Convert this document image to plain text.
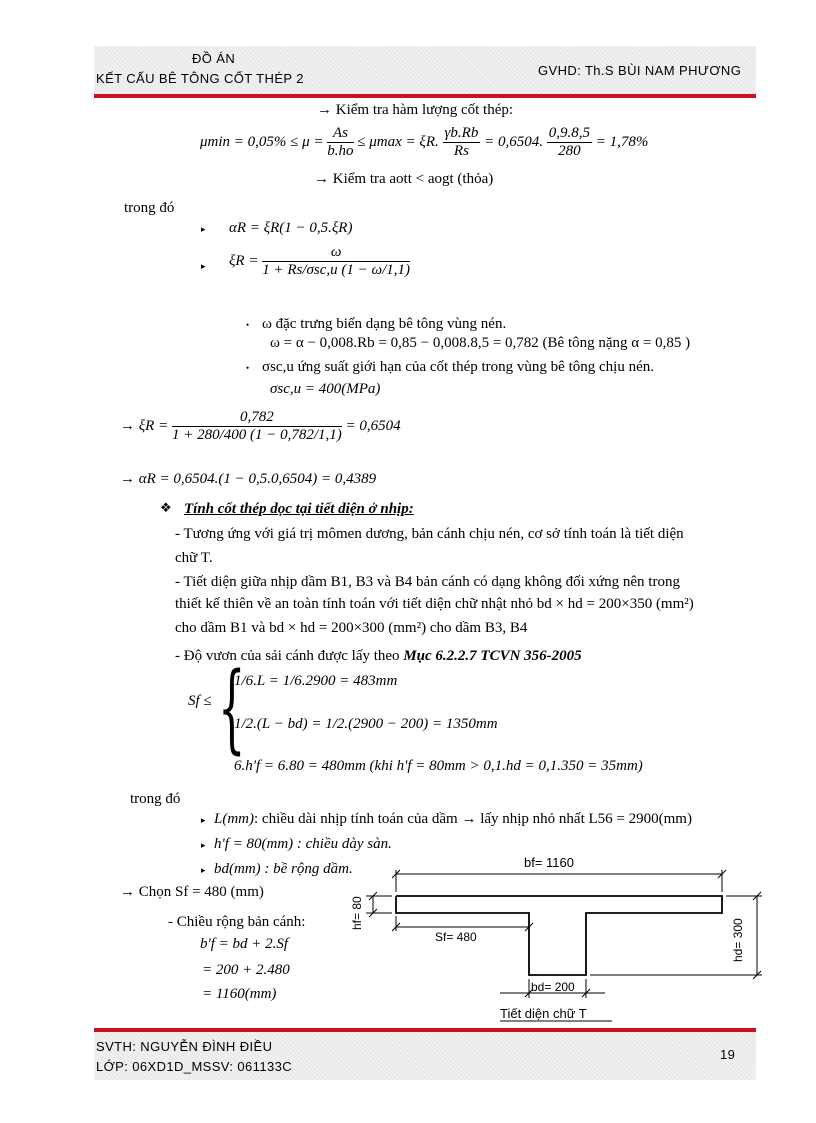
ĐỒ ÁN
KẾT CẤU BÊ TÔNG CỐT THÉP 2
GVHD: Th.S BÙI NAM PHƯƠNG
→ Kiểm tra hàm lượng cốt thép:
$\mu\min = 0,05\% \le \mu = \frac{As}{b.ho} \le \mu\max = \xi R$. $\frac{\gamma b.Rb}{Rs} = 0,6504$. $\frac{0,9.8,5}{280} = 1,78\%$
→ Kiểm tra aott < aogt (thỏa)
trong đó
▸ αR = ξR(1 − 0,5.ξR)
▸ $\xi R = \frac{\omega}{\text{1 + Rs/σsc,u (1 − ω/1,1)}}$
• ω đặc trưng biến dạng bê tông vùng nén.
ω = α − 0,008.Rb = 0,85 − 0,008.8,5 = 0,782 (Bê tông nặng α = 0,85 )
• σsc,u ứng suất giới hạn của cốt thép trong vùng bê tông chịu nén.
σsc,u = 400(MPa)
→ $\xi R = \frac{0,782}{1 + 280/400 (1 - 0,782/1,1)} = 0,6504$
→ αR = 0,6504.(1 − 0,5.0,6504) = 0,4389
❖ Tính cốt thép dọc tại tiết diện ở nhịp:
- Tương ứng với giá trị mômen dương, bản cánh chịu nén, cơ sở tính toán là tiết diện
chữ T.
- Tiết diện giữa nhịp dầm B1, B3 và B4 bản cánh có dạng không đối xứng nên trong
thiết kế thiên về an toàn tính toán với tiết diện chữ nhật nhỏ bd × hd = 200×350 (mm²)
cho dầm B1 và bd × hd = 200×300 (mm²) cho dầm B3, B4
- Độ vươn của sải cánh được lấy theo Mục 6.2.2.7 TCVN 356-2005
Sf ≤ {
1/6.L = 1/6.2900 = 483mm
1/2.(L − bd) = 1/2.(2900 − 200) = 1350mm
6.h'f = 6.80 = 480mm (khi h'f = 80mm > 0,1.hd = 0,1.350 = 35mm)
trong đó
▸ L(mm): chiều dài nhịp tính toán của dầm → lấy nhịp nhỏ nhất L56 = 2900(mm)
▸ h'f = 80(mm) : chiều dày sàn.
▸ bd(mm) : bề rộng dầm.
→ Chọn Sf = 480 (mm)
- Chiều rộng bản cánh:
b'f = bd + 2.Sf
= 200 + 2.480
= 1160(mm)
bf= 1160
hf= 80
Sf= 480	hd= 300
bd= 200
Tiết diện chữ T
SVTH: NGUYỄN ĐÌNH ĐIỀU
LỚP: 06XD1D_MSSV: 061133C
19
